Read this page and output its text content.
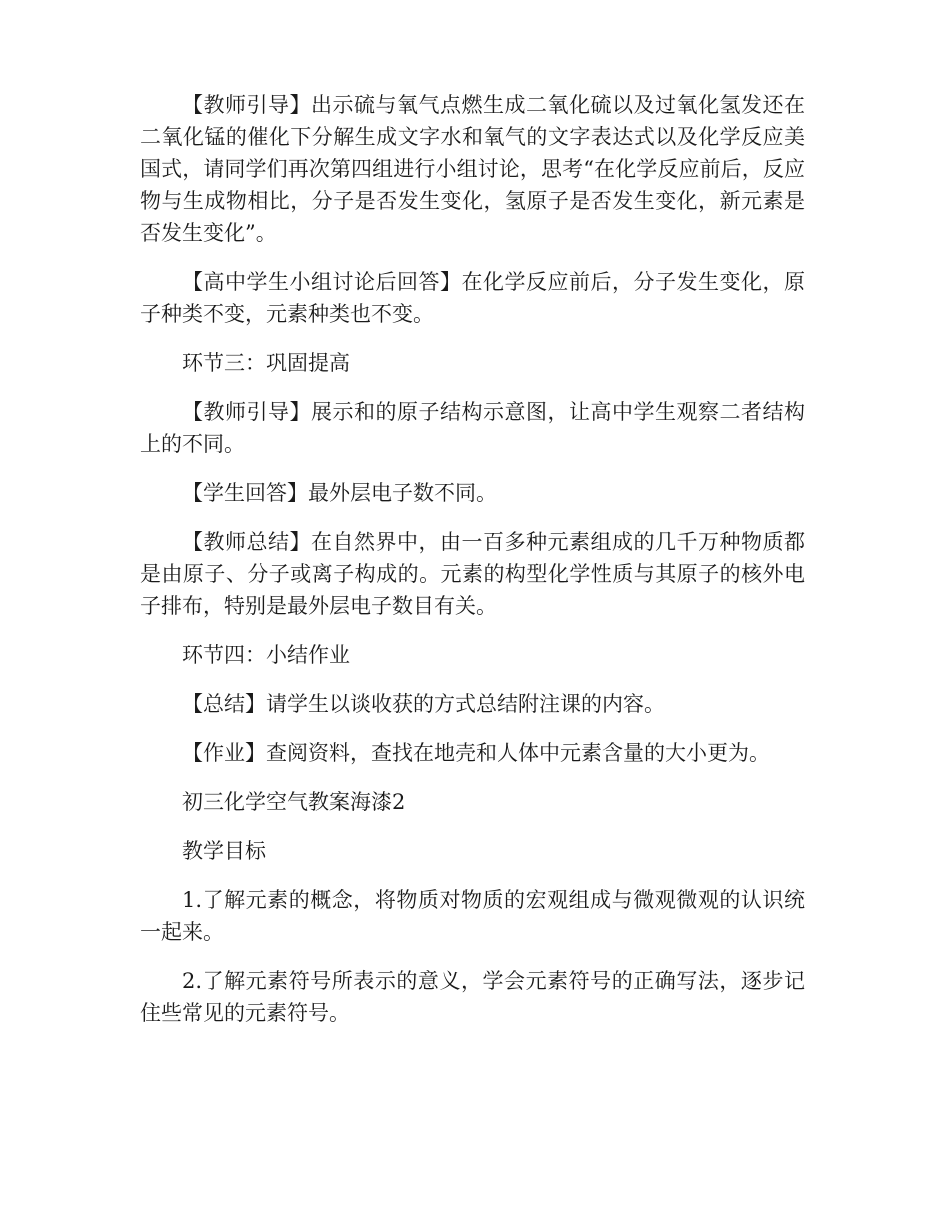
【教师引导】出示硫与氧气点燃生成二氧化硫以及过氧化氢发还在二氧化锰的催化下分解生成文字水和氧气的文字表达式以及化学反应美国式，请同学们再次第四组进行小组讨论，思考“在化学反应前后，反应物与生成物相比，分子是否发生变化，氢原子是否发生变化，新元素是否发生变化”。

【高中学生小组讨论后回答】在化学反应前后，分子发生变化，原子种类不变，元素种类也不变。

环节三：巩固提高

【教师引导】展示和的原子结构示意图，让高中学生观察二者结构上的不同。

【学生回答】最外层电子数不同。

【教师总结】在自然界中，由一百多种元素组成的几千万种物质都是由原子、分子或离子构成的。元素的构型化学性质与其原子的核外电子排布，特别是最外层电子数目有关。

环节四：小结作业

【总结】请学生以谈收获的方式总结附注课的内容。

【作业】查阅资料，查找在地壳和人体中元素含量的大小更为。

初三化学空气教案海漆2

教学目标

1.了解元素的概念，将物质对物质的宏观组成与微观微观的认识统一起来。

2.了解元素符号所表示的意义，学会元素符号的正确写法，逐步记住些常见的元素符号。
